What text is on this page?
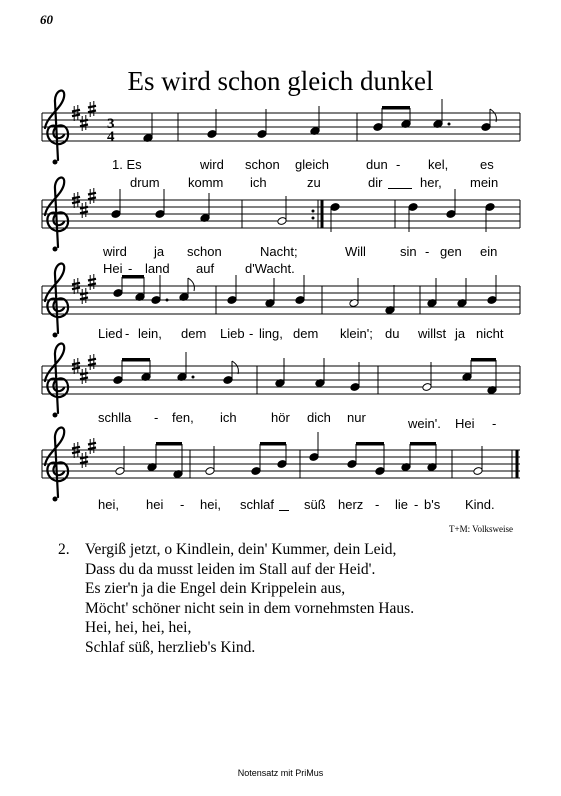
60
Es wird schon gleich dunkel
3
4
1. Es	wird schon gleich	dun - kel, es
drum komm ich	zu	dir	her, mein
wird ja schon	Nacht;	Will	sin - gen ein
Hei - land auf d'Wacht.
Lied - lein, dem Lieb - ling, dem klein'; du willst ja nicht
schlla - fen, ich	hör dich nur	wein'. Hei -
hei, hei - hei, schlaf süß herz - lie - b's Kind.
T+M: Volksweise
2. Vergiß jetzt, o Kindlein, dein' Kummer, dein Leid,
Dass du da musst leiden im Stall auf der Heid'.
Es zier'n ja die Engel dein Krippelein aus,
Möcht' schöner nicht sein in dem vornehmsten Haus.
Hei, hei, hei, hei,
Schlaf süß, herzlieb's Kind.
Notensatz mit PriMus
